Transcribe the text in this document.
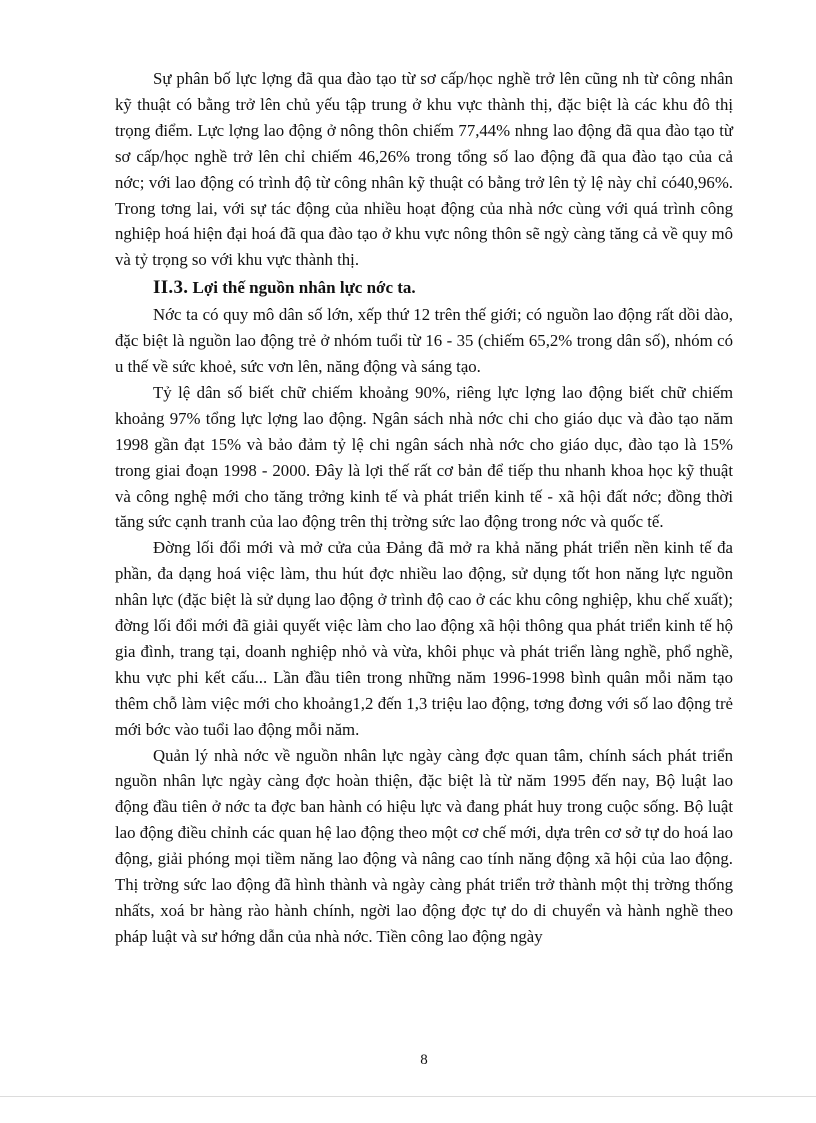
Sự phân bố lực lợng đã qua đào tạo từ sơ cấp/học nghề trở lên cũng nh từ công nhân kỹ thuật có bằng trở lên chủ yếu tập trung ở khu vực thành thị, đặc biệt là các khu đô thị trọng điểm. Lực lợng lao động ở nông thôn chiếm 77,44% nhng lao động đã qua đào tạo từ sơ cấp/học nghề trở lên chỉ chiếm 46,26% trong tổng số lao động đã qua đào tạo của cả nớc; với lao động có trình độ từ công nhân kỹ thuật có bằng trở lên tỷ lệ này chỉ có40,96%. Trong tơng lai, với sự tác động của nhiều hoạt động của nhà nớc cùng với quá trình công nghiệp hoá hiện đại hoá đã qua đào tạo ở khu vực nông thôn sẽ ngỳ càng tăng cả về quy mô và tỷ trọng so với khu vực thành thị.

II.3. Lợi thế nguồn nhân lực nớc ta.

Nớc ta có quy mô dân số lớn, xếp thứ 12 trên thế giới; có nguồn lao động rất dồi dào, đặc biệt là nguồn lao động trẻ ở nhóm tuổi từ 16 - 35 (chiếm 65,2% trong dân số), nhóm có u thế về sức khoẻ, sức vơn lên, năng động và sáng tạo.

Tỷ lệ dân số biết chữ chiếm khoảng 90%, riêng lực lợng lao động biết chữ chiếm khoảng 97% tổng lực lợng lao động. Ngân sách nhà nớc chi cho giáo dục và đào tạo năm 1998 gần đạt 15% và bảo đảm tỷ lệ chi ngân sách nhà nớc cho giáo dục, đào tạo là 15% trong giai đoạn 1998 - 2000. Đây là lợi thế rất cơ bản để tiếp thu nhanh khoa học kỹ thuật và công nghệ mới cho tăng trởng kinh tế và phát triển kinh tế - xã hội đất nớc; đồng thời tăng sức cạnh tranh của lao động trên thị trờng sức lao động trong nớc và quốc tế.

Đờng lối đổi mới và mở cửa của Đảng đã mở ra khả năng phát triển nền kinh tế đa phần, đa dạng hoá việc làm, thu hút đợc nhiều lao động, sử dụng tốt hon năng lực nguồn nhân lực (đặc biệt là sử dụng lao động ở trình độ cao ở các khu công nghiệp, khu chế xuất); đờng lối đổi mới đã giải quyết việc làm cho lao động xã hội thông qua phát triển kinh tế hộ gia đình, trang tại, doanh nghiệp nhỏ và vừa, khôi phục và phát triển làng nghề, phổ nghề, khu vực phi kết cấu... Lần đầu tiên trong những năm 1996-1998 bình quân mỗi năm tạo thêm chỗ làm việc mới cho khoảng1,2 đến 1,3 triệu lao động, tơng đơng với số lao động trẻ mới bớc vào tuổi lao động mỗi năm.

Quản lý nhà nớc về nguồn nhân lực ngày càng đợc quan tâm, chính sách phát triển nguồn nhân lực ngày càng đợc hoàn thiện, đặc biệt là từ năm 1995 đến nay, Bộ luật lao động đầu tiên ở nớc ta đợc ban hành có hiệu lực và đang phát huy trong cuộc sống. Bộ luật lao động điều chỉnh các quan hệ lao động theo một cơ chế mới, dựa trên cơ sở tự do hoá lao động, giải phóng mọi tiềm năng lao động và nâng cao tính năng động xã hội của lao động. Thị trờng sức lao động đã hình thành và ngày càng phát triển trở thành một thị trờng thống nhấts, xoá br hàng rào hành chính, ngời lao động đợc tự do di chuyển và hành nghề theo pháp luật và sư hớng dẫn của nhà nớc. Tiền công lao động ngày

8
